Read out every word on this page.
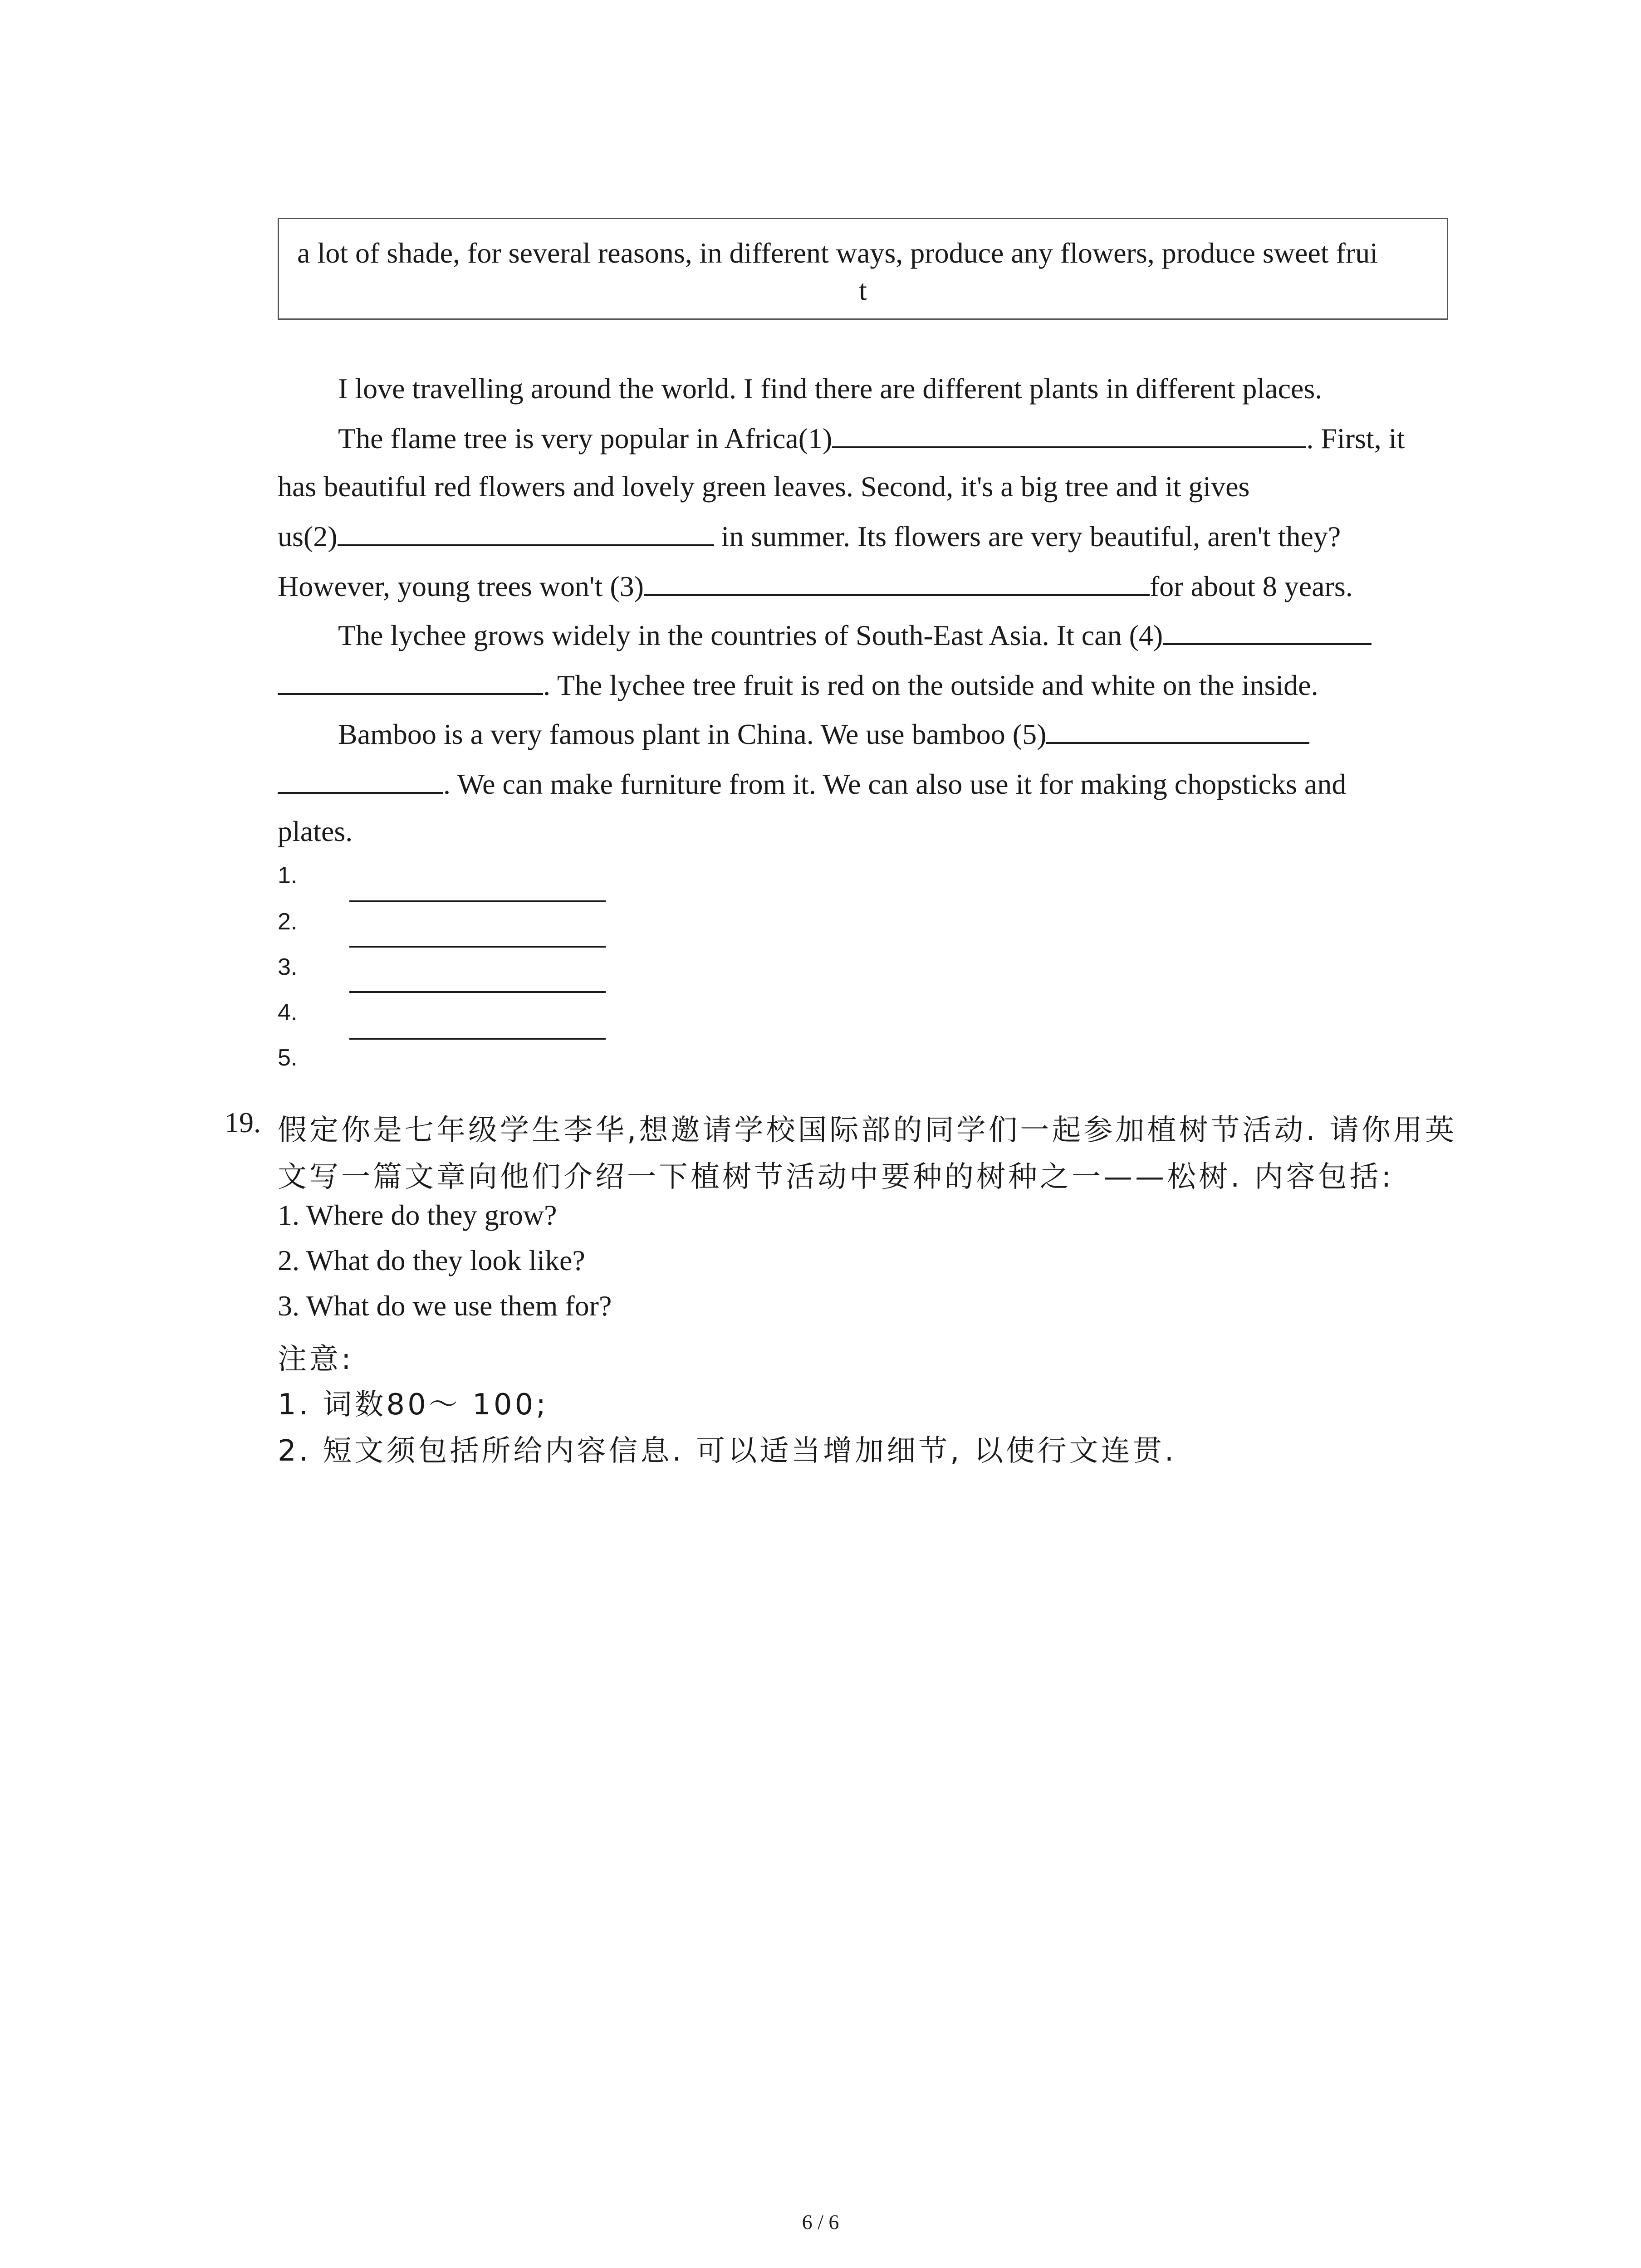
a lot of shade, for several reasons, in different ways, produce any flowers, produce sweet frui
t
I love travelling around the world. I find there are different plants in different places.
The flame tree is very popular in Africa(1)	. First, it
has beautiful red flowers and lovely green leaves. Second, it's a big tree and it gives
us(2)	in summer. Its flowers are very beautiful, aren't they?
However, young trees won't (3)	for about 8 years.
The lychee grows widely in the countries of South-East Asia. It can (4)
. The lychee tree fruit is red on the outside and white on the inside.
Bamboo is a very famous plant in China. We use bamboo (5)
. We can make furniture from it. We can also use it for making chopsticks and
plates.
1.
2.
3.
4.
5.
19. 假定你是七年级学生李华,想邀请学校国际部的同学们一起参加植树节活动. 请你用英
文写一篇文章向他们介绍一下植树节活动中要种的树种之一——松树. 内容包括:
1. Where do they grow?
2. What do they look like?
3. What do we use them for?
注意:
1. 词数80～ 100;
2. 短文须包括所给内容信息. 可以适当增加细节, 以使行文连贯.
6 / 6
